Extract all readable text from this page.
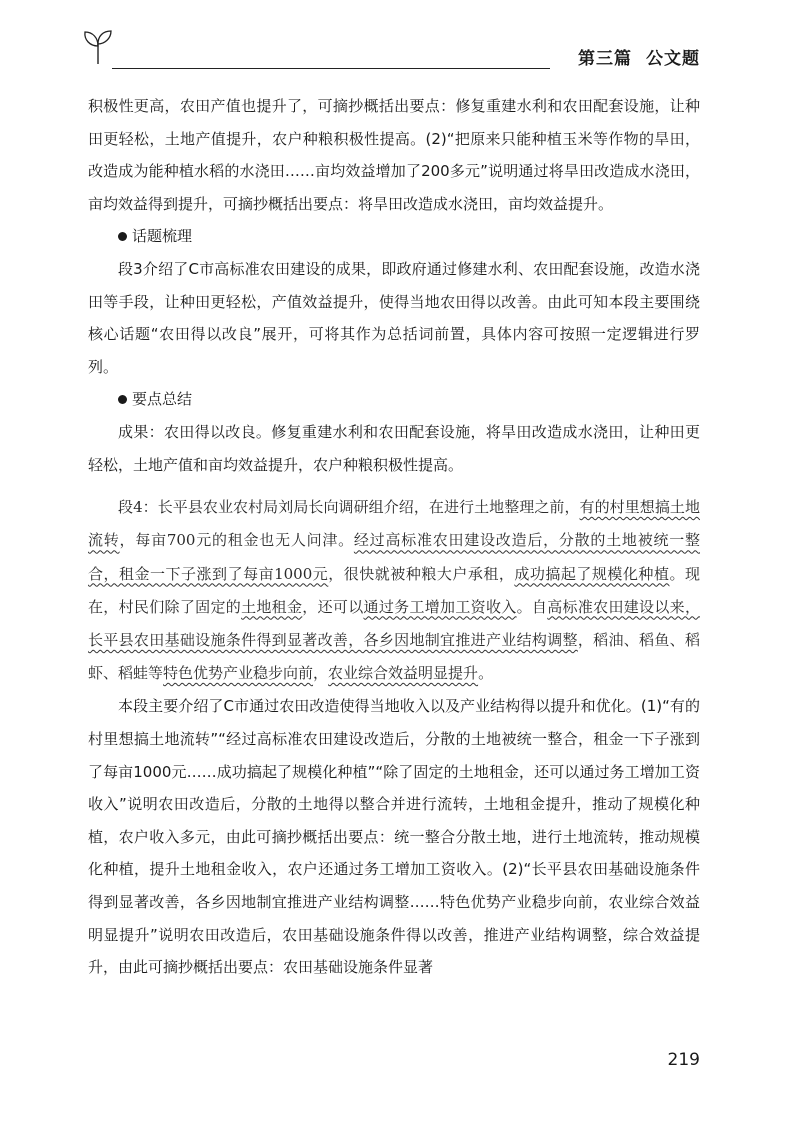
第三篇 公文题

积极性更高，农田产值也提升了，可摘抄概括出要点：修复重建水利和农田配套设施，让种田更轻松，土地产值提升，农户种粮积极性提高。(2)“把原来只能种植玉米等作物的旱田，改造成为能种植水稻的水浇田……亩均效益增加了200多元”说明通过将旱田改造成水浇田，亩均效益得到提升，可摘抄概括出要点：将旱田改造成水浇田，亩均效益提升。

话题梳理

段3介绍了C市高标准农田建设的成果，即政府通过修建水利、农田配套设施，改造水浇田等手段，让种田更轻松，产值效益提升，使得当地农田得以改善。由此可知本段主要围绕核心话题“农田得以改良”展开，可将其作为总括词前置，具体内容可按照一定逻辑进行罗列。

要点总结

成果：农田得以改良。修复重建水利和农田配套设施，将旱田改造成水浇田，让种田更轻松，土地产值和亩均效益提升，农户种粮积极性提高。

段4：长平县农业农村局刘局长向调研组介绍，在进行土地整理之前，有的村里想搞土地流转，每亩700元的租金也无人问津。经过高标准农田建设改造后，分散的土地被统一整合，租金一下子涨到了每亩1000元，很快就被种粮大户承租，成功搞起了规模化种植。现在，村民们除了固定的土地租金，还可以通过务工增加工资收入。自高标准农田建设以来，长平县农田基础设施条件得到显著改善，各乡因地制宜推进产业结构调整，稻油、稻鱼、稻虾、稻蛙等特色优势产业稳步向前，农业综合效益明显提升。

本段主要介绍了C市通过农田改造使得当地收入以及产业结构得以提升和优化。(1)“有的村里想搞土地流转”“经过高标准农田建设改造后，分散的土地被统一整合，租金一下子涨到了每亩1000元……成功搞起了规模化种植”“除了固定的土地租金，还可以通过务工增加工资收入”说明农田改造后，分散的土地得以整合并进行流转，土地租金提升，推动了规模化种植，农户收入多元，由此可摘抄概括出要点：统一整合分散土地，进行土地流转，推动规模化种植，提升土地租金收入，农户还通过务工增加工资收入。(2)“长平县农田基础设施条件得到显著改善，各乡因地制宜推进产业结构调整……特色优势产业稳步向前，农业综合效益明显提升”说明农田改造后，农田基础设施条件得以改善，推进产业结构调整，综合效益提升，由此可摘抄概括出要点：农田基础设施条件显著

219
